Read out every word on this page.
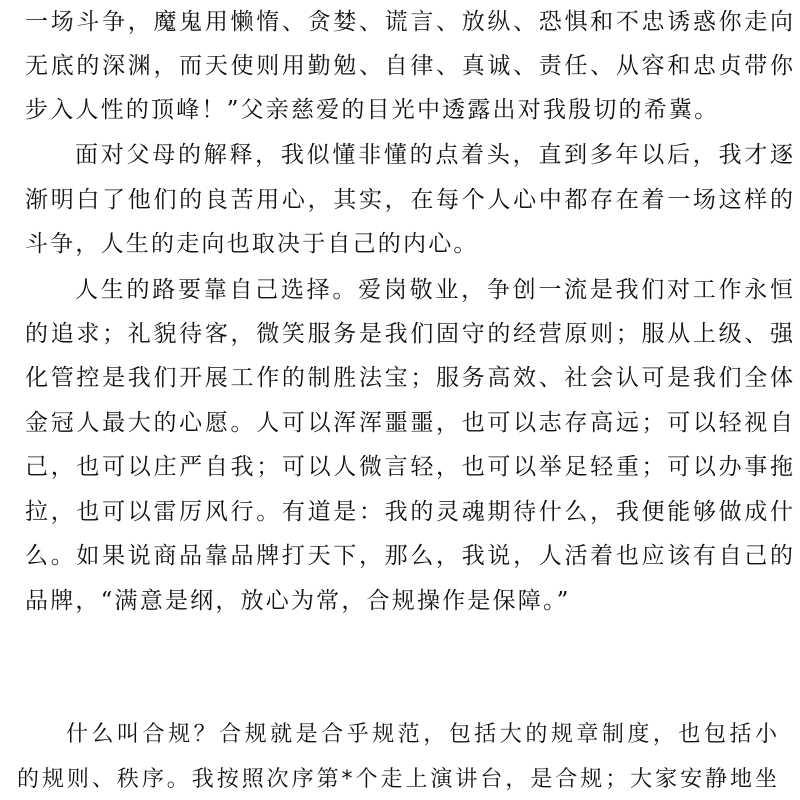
一场斗争，魔鬼用懒惰、贪婪、谎言、放纵、恐惧和不忠诱惑你走向
无底的深渊，而天使则用勤勉、自律、真诚、责任、从容和忠贞带你
步入人性的顶峰！”父亲慈爱的目光中透露出对我殷切的希冀。
面对父母的解释，我似懂非懂的点着头，直到多年以后，我才逐
渐明白了他们的良苦用心，其实，在每个人心中都存在着一场这样的
斗争，人生的走向也取决于自己的内心。
人生的路要靠自己选择。爱岗敬业，争创一流是我们对工作永恒
的追求；礼貌待客，微笑服务是我们固守的经营原则；服从上级、强
化管控是我们开展工作的制胜法宝；服务高效、社会认可是我们全体
金冠人最大的心愿。人可以浑浑噩噩，也可以志存高远；可以轻视自
己，也可以庄严自我；可以人微言轻，也可以举足轻重；可以办事拖
拉，也可以雷厉风行。有道是：我的灵魂期待什么，我便能够做成什
么。如果说商品靠品牌打天下，那么，我说，人活着也应该有自己的
品牌，“满意是纲，放心为常，合规操作是保障。”
什么叫合规？合规就是合乎规范，包括大的规章制度，也包括小
的规则、秩序。我按照次序第*个走上演讲台，是合规；大家安静地坐
